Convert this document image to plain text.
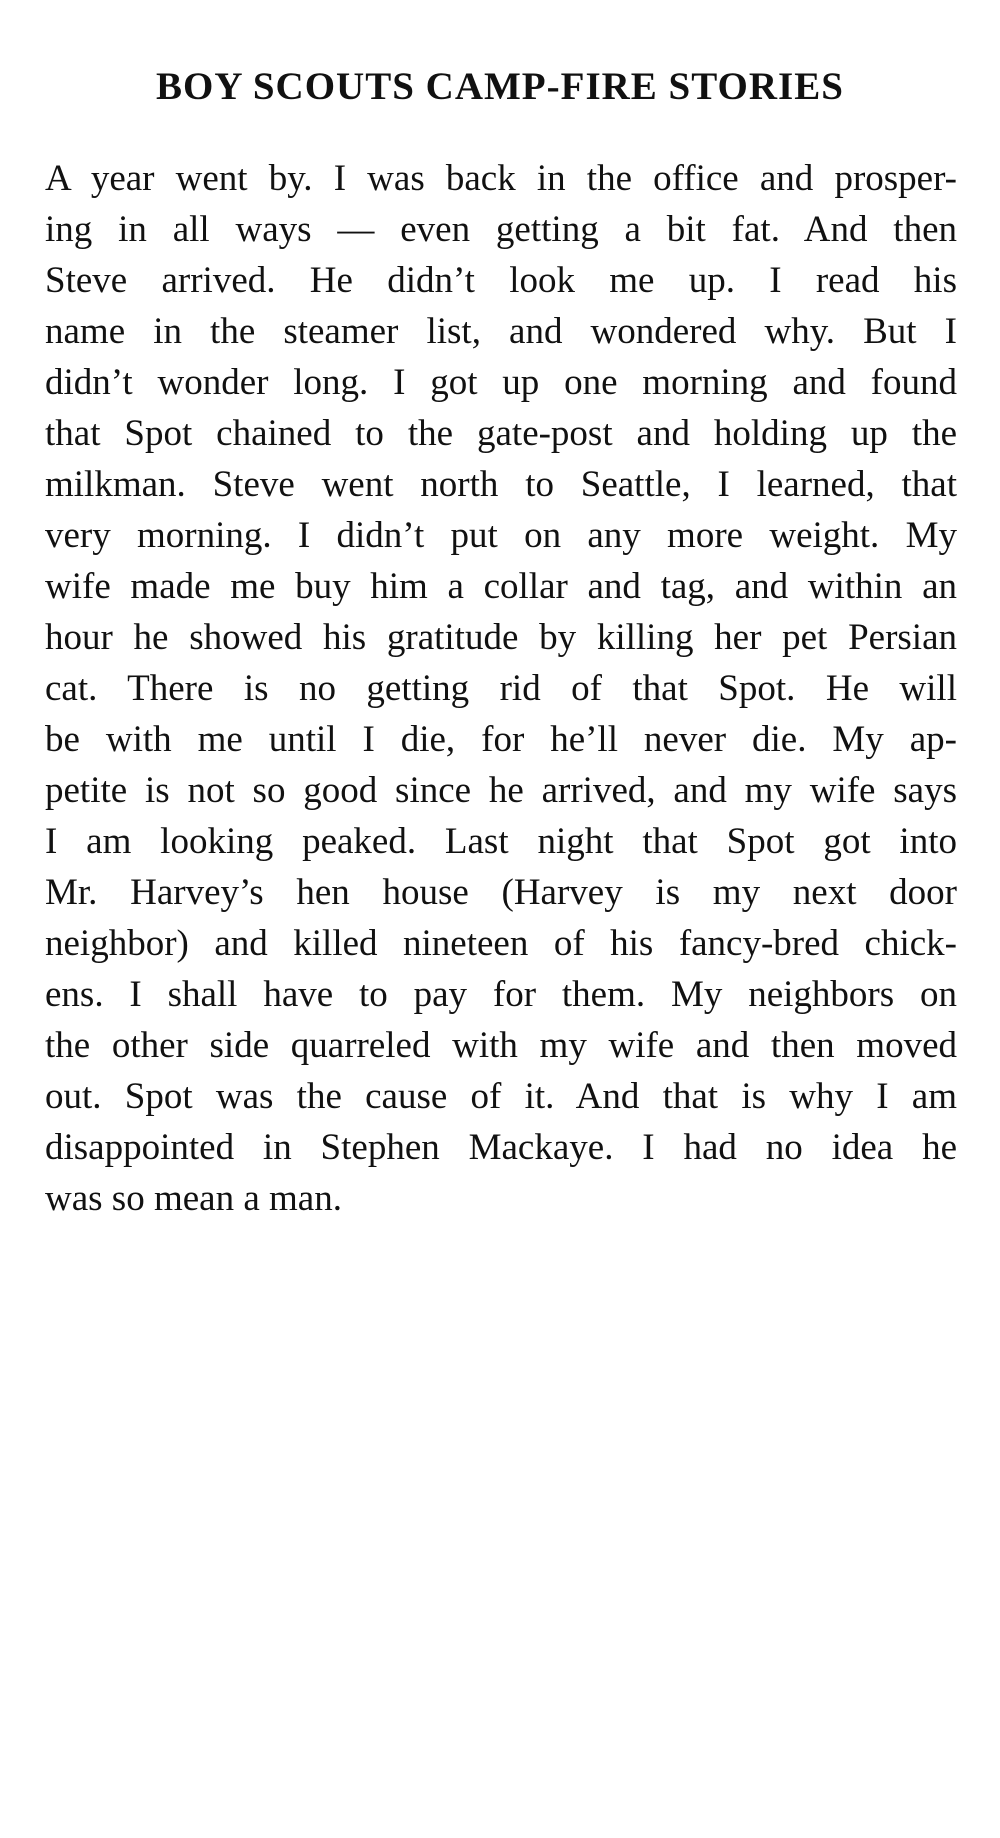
BOY SCOUTS CAMP-FIRE STORIES
A year went by. I was back in the office and prosper-
ing in all ways — even getting a bit fat. And then
Steve arrived. He didn’t look me up. I read his
name in the steamer list, and wondered why. But I
didn’t wonder long. I got up one morning and found
that Spot chained to the gate-post and holding up the
milkman. Steve went north to Seattle, I learned, that
very morning. I didn’t put on any more weight. My
wife made me buy him a collar and tag, and within an
hour he showed his gratitude by killing her pet Persian
cat. There is no getting rid of that Spot. He will
be with me until I die, for he’ll never die. My ap-
petite is not so good since he arrived, and my wife says
I am looking peaked. Last night that Spot got into
Mr. Harvey’s hen house (Harvey is my next door
neighbor) and killed nineteen of his fancy-bred chick-
ens. I shall have to pay for them. My neighbors on
the other side quarreled with my wife and then moved
out. Spot was the cause of it. And that is why I am
disappointed in Stephen Mackaye. I had no idea he
was so mean a man.
